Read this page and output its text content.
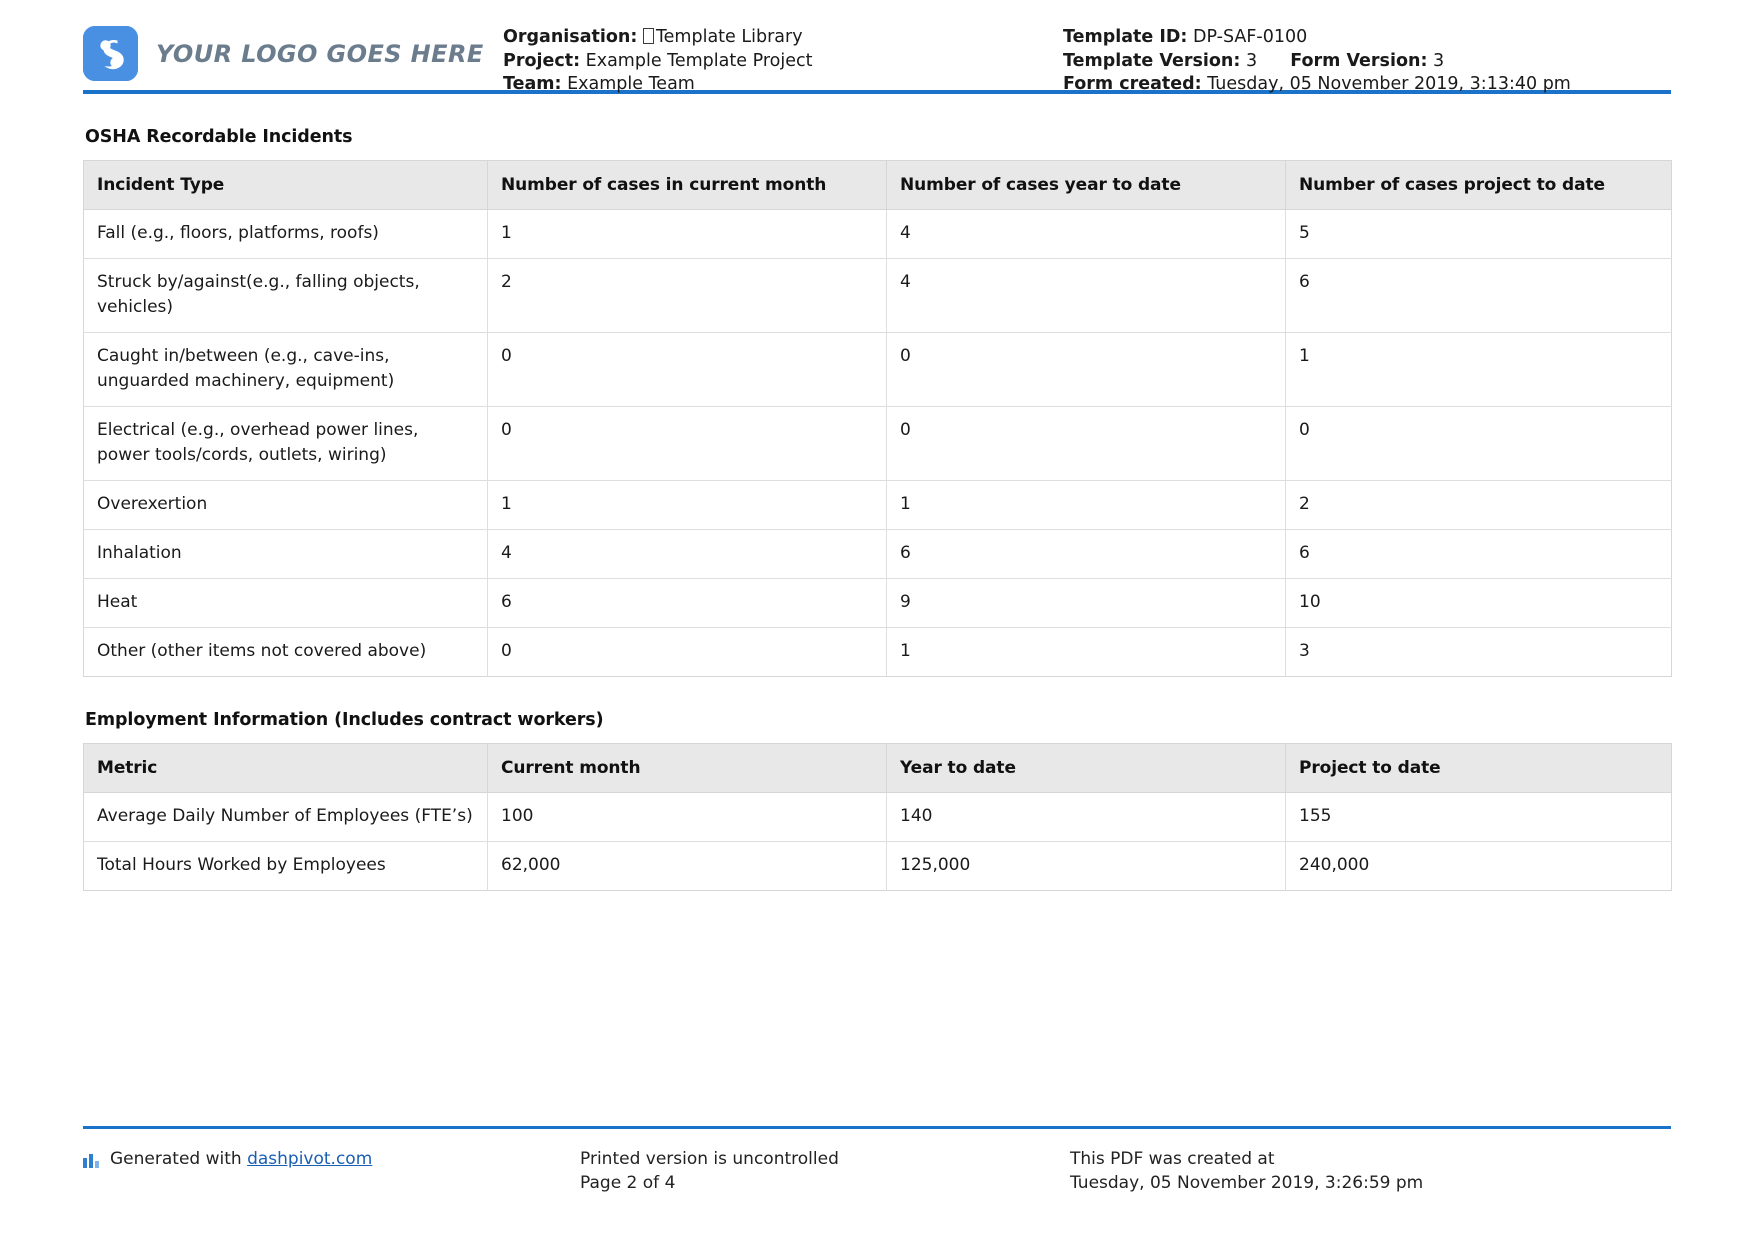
YOUR LOGO GOES HERE
Organisation: Template Library
Project: Example Template Project
Team: Example Team
Template ID: DP-SAF-0100
Template Version: 3 Form Version: 3
Form created: Tuesday, 05 November 2019, 3:13:40 pm
OSHA Recordable Incidents
Incident Type	Number of cases in current month	Number of cases year to date	Number of cases project to date
Fall (e.g., floors, platforms, roofs)	1	4	5
Struck by/against(e.g., falling objects, vehicles)	2	4	6
Caught in/between (e.g., cave-ins, unguarded machinery, equipment)	0	0	1
Electrical (e.g., overhead power lines, power tools/cords, outlets, wiring)	0	0	0
Overexertion	1	1	2
Inhalation	4	6	6
Heat	6	9	10
Other (other items not covered above)	0	1	3
Employment Information (Includes contract workers)
Metric	Current month	Year to date	Project to date
Average Daily Number of Employees (FTE’s)	100	140	155
Total Hours Worked by Employees	62,000	125,000	240,000
Generated with dashpivot.com	Printed version is uncontrolled
Page 2 of 4
This PDF was created at
Tuesday, 05 November 2019, 3:26:59 pm
